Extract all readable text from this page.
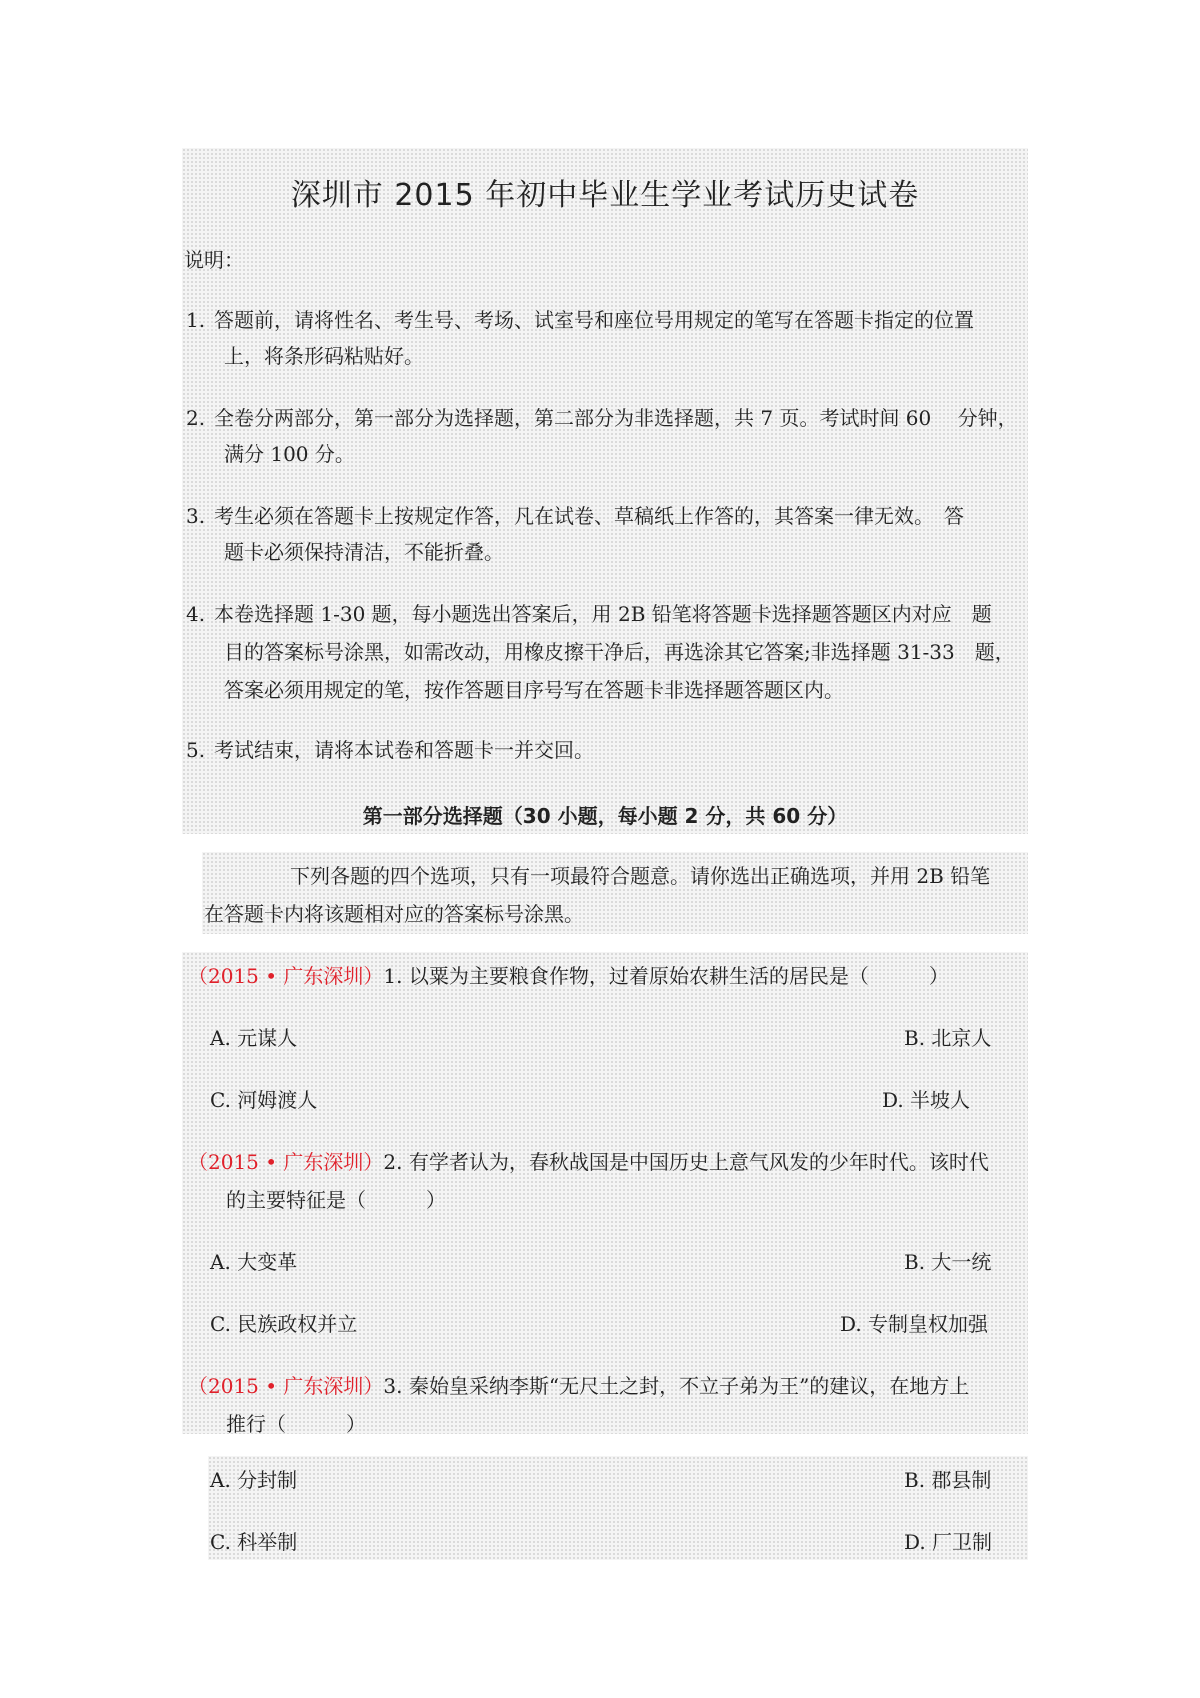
深圳市 2015 年初中毕业生学业考试历史试卷
说明：
1. 答题前，请将性名、考生号、考场、试室号和座位号用规定的笔写在答题卡指定的位置
上，将条形码粘贴好。
2. 全卷分两部分，第一部分为选择题，第二部分为非选择题，共 7 页。考试时间 60　 分钟，
满分 100 分。
3. 考生必须在答题卡上按规定作答，凡在试卷、草稿纸上作答的，其答案一律无效。　答
题卡必须保持清洁，不能折叠。
4. 本卷选择题 1-30 题，每小题选出答案后，用 2B 铅笔将答题卡选择题答题区内对应　题
目的答案标号涂黑，如需改动，用橡皮擦干净后，再选涂其它答案;非选择题 31-33　题，
答案必须用规定的笔，按作答题目序号写在答题卡非选择题答题区内。
5. 考试结束，请将本试卷和答题卡一并交回。
第一部分选择题（30 小题，每小题 2 分，共 60 分）
下列各题的四个选项，只有一项最符合题意。请你选出正确选项，并用 2B 铅笔
在答题卡内将该题相对应的答案标号涂黑。
（2015 • 广东深圳）1. 以粟为主要粮食作物，过着原始农耕生活的居民是（　　　）
A. 元谋人	B. 北京人
C. 河姆渡人	D. 半坡人
（2015 • 广东深圳）2. 有学者认为，春秋战国是中国历史上意气风发的少年时代。该时代
的主要特征是（　　　）
A. 大变革	B. 大一统
C. 民族政权并立	D. 专制皇权加强
（2015 • 广东深圳）3. 秦始皇采纳李斯“无尺土之封，不立子弟为王”的建议，在地方上
推行（　　　）
A. 分封制	B. 郡县制
C. 科举制	D. 厂卫制
